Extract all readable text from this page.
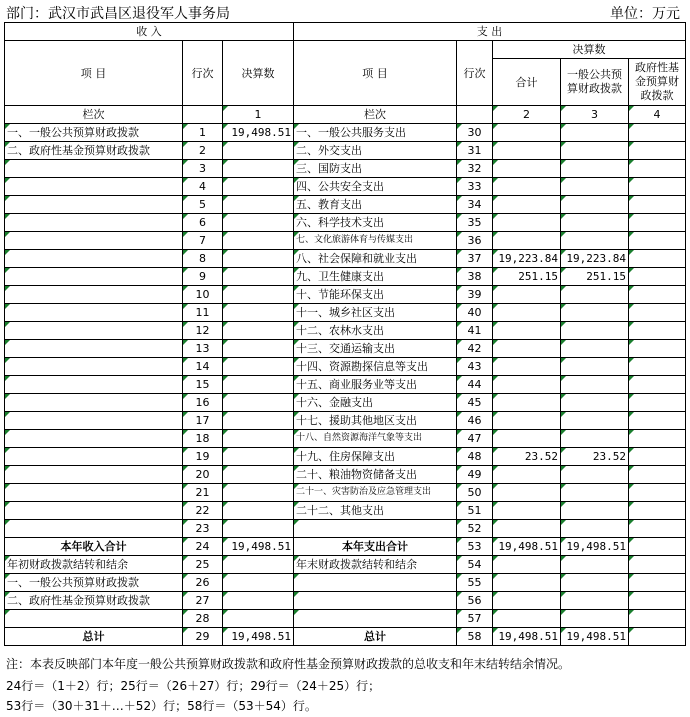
部门：武汉市武昌区退役军人事务局	单位：万元
收 入			支 出				
项 目	行次	决算数	项 目	行次	决算数		
					合计	一般公共预算财政拨款	政府性基金预算财政拨款

栏次		1	栏次		2	3	4
一、一般公共预算财政拨款	1	19,498.51	一、一般公共服务支出	30			
二、政府性基金预算财政拨款	2		二、外交支出	31			
	3		三、国防支出	32			
	4		四、公共安全支出	33			
	5		五、教育支出	34			
	6		六、科学技术支出	35			
	7		七、文化旅游体育与传媒支出	36			
	8		八、社会保障和就业支出	37	19,223.84	19,223.84	
	9		九、卫生健康支出	38	251.15	251.15	
	10		十、节能环保支出	39			
	11		十一、城乡社区支出	40			
	12		十二、农林水支出	41			
	13		十三、交通运输支出	42			
	14		十四、资源勘探信息等支出	43			
	15		十五、商业服务业等支出	44			
	16		十六、金融支出	45			
	17		十七、援助其他地区支出	46			
	18		十八、自然资源海洋气象等支出	47			
	19		十九、住房保障支出	48	23.52	23.52	
	20		二十、粮油物资储备支出	49			
	21		二十一、灾害防治及应急管理支出	50			
	22		二十二、其他支出	51			
	23			52			
本年收入合计	24	19,498.51	本年支出合计	53	19,498.51	19,498.51	
年初财政拨款结转和结余	25		年末财政拨款结转和结余	54			
一、一般公共预算财政拨款	26			55			
二、政府性基金预算财政拨款	27			56			
	28			57			
总计	29	19,498.51	总计	58	19,498.51	19,498.51	
注：本表反映部门本年度一般公共预算财政拨款和政府性基金预算财政拨款的总收支和年末结转结余情况。
24行＝（1＋2）行；25行＝（26＋27）行；29行＝（24＋25）行；
53行＝（30＋31＋…＋52）行；58行＝（53＋54）行。
